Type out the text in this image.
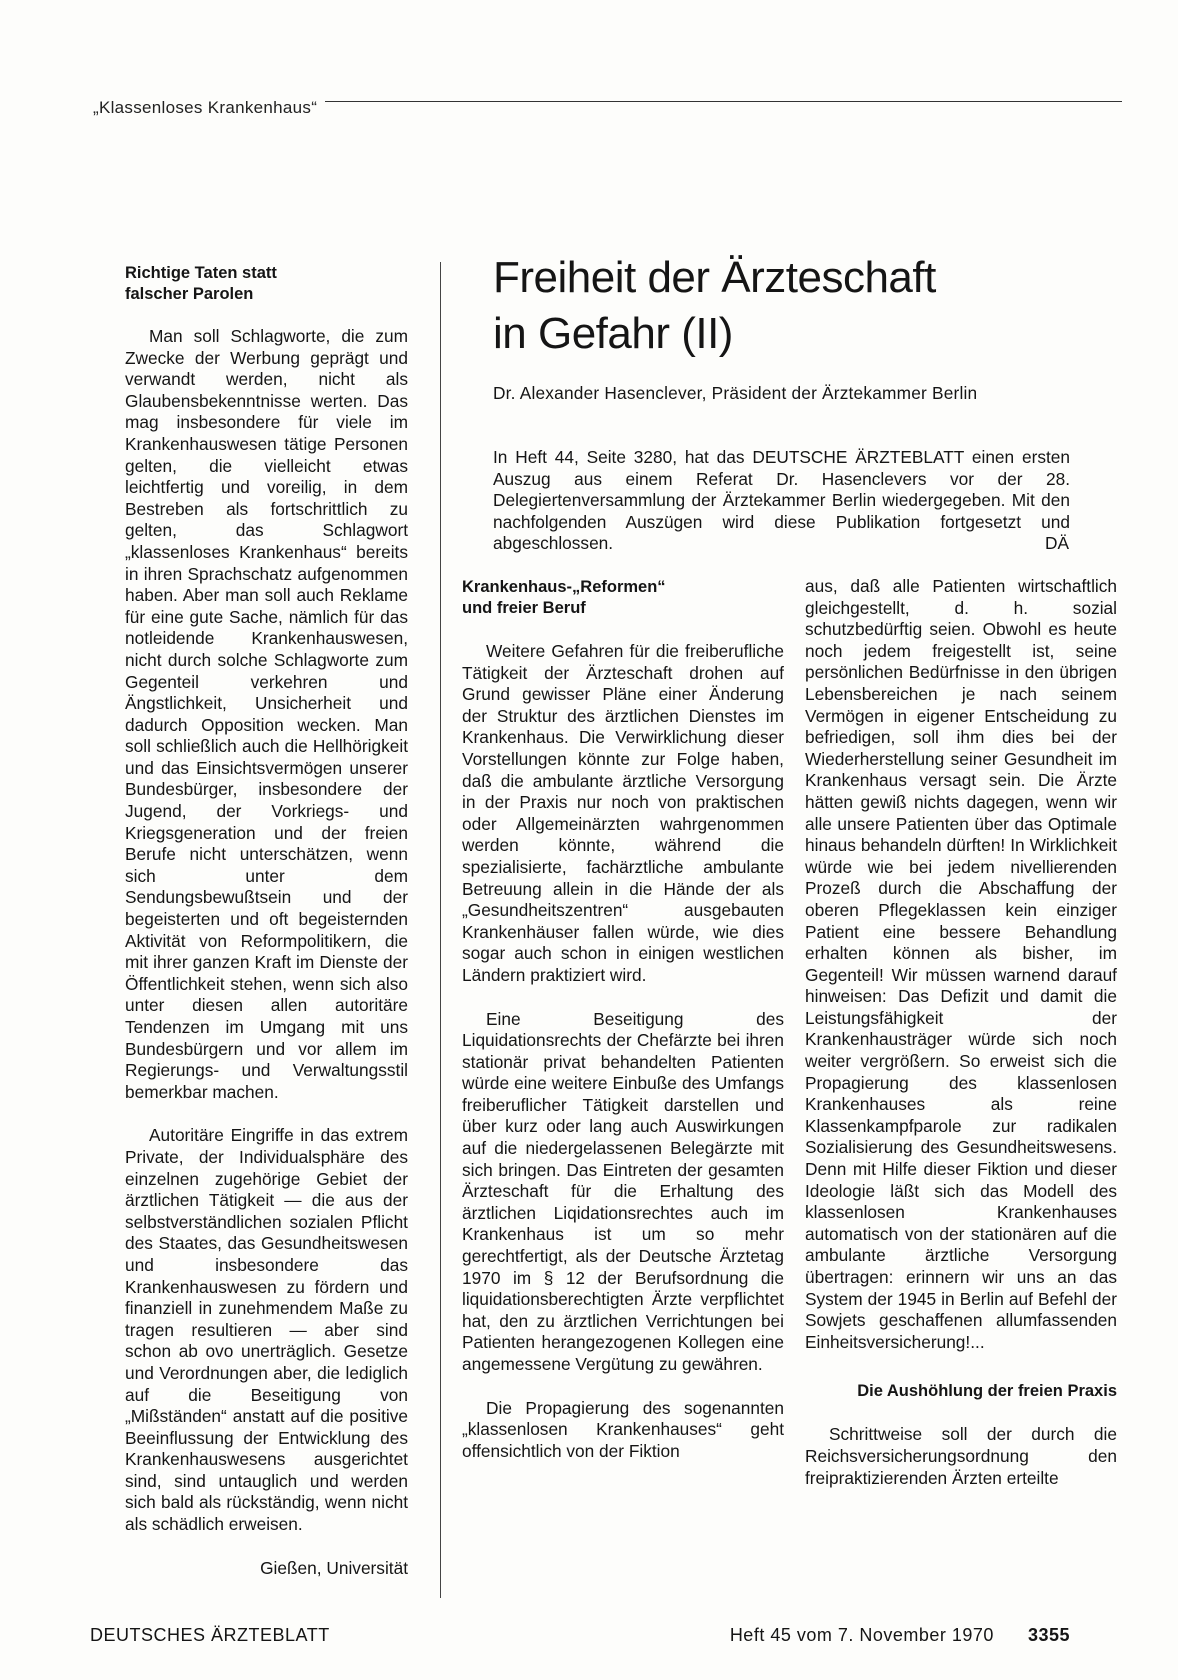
„Klassenloses Krankenhaus“
Richtige Taten statt
falscher Parolen

Man soll Schlagworte, die zum Zwecke der Werbung geprägt und verwandt werden, nicht als Glaubensbekenntnisse werten. Das mag insbesondere für viele im Krankenhauswesen tätige Personen gelten, die vielleicht etwas leichtfertig und voreilig, in dem Bestreben als fortschrittlich zu gelten, das Schlagwort „klassenloses Krankenhaus“ bereits in ihren Sprachschatz aufgenommen haben. Aber man soll auch Reklame für eine gute Sache, nämlich für das notleidende Krankenhauswesen, nicht durch solche Schlagworte zum Gegenteil verkehren und Ängstlichkeit, Unsicherheit und dadurch Opposition wecken. Man soll schließlich auch die Hellhörigkeit und das Einsichtsvermögen unserer Bundesbürger, insbesondere der Jugend, der Vorkriegs- und Kriegsgeneration und der freien Berufe nicht unterschätzen, wenn sich unter dem Sendungsbewußtsein und der begeisterten und oft begeisternden Aktivität von Reformpolitikern, die mit ihrer ganzen Kraft im Dienste der Öffentlichkeit stehen, wenn sich also unter diesen allen autoritäre Tendenzen im Umgang mit uns Bundesbürgern und vor allem im Regierungs- und Verwaltungsstil bemerkbar machen.

Autoritäre Eingriffe in das extrem Private, der Individualsphäre des einzelnen zugehörige Gebiet der ärztlichen Tätigkeit — die aus der selbstverständlichen sozialen Pflicht des Staates, das Gesundheitswesen und insbesondere das Krankenhauswesen zu fördern und finanziell in zunehmendem Maße zu tragen resultieren — aber sind schon ab ovo unerträglich. Gesetze und Verordnungen aber, die lediglich auf die Beseitigung von „Mißständen“ anstatt auf die positive Beeinflussung der Entwicklung des Krankenhauswesens ausgerichtet sind, sind untauglich und werden sich bald als rückständig, wenn nicht als schädlich erweisen.

Gießen, Universität

Freiheit der Ärzteschaft
in Gefahr (II)
Dr. Alexander Hasenclever, Präsident der Ärztekammer Berlin

In Heft 44, Seite 3280, hat das DEUTSCHE ÄRZTEBLATT einen ersten Auszug aus einem Referat Dr. Hasenclevers vor der 28. Delegiertenversammlung der Ärztekammer Berlin wiedergegeben. Mit den nachfolgenden Auszügen wird diese Publikation fortgesetzt und abgeschlossen.	DÄ
Krankenhaus-„Reformen“
und freier Beruf

Weitere Gefahren für die freiberufliche Tätigkeit der Ärzteschaft drohen auf Grund gewisser Pläne einer Änderung der Struktur des ärztlichen Dienstes im Krankenhaus. Die Verwirklichung dieser Vorstellungen könnte zur Folge haben, daß die ambulante ärztliche Versorgung in der Praxis nur noch von praktischen oder Allgemeinärzten wahrgenommen werden könnte, während die spezialisierte, fachärztliche ambulante Betreuung allein in die Hände der als „Gesundheitszentren“ ausgebauten Krankenhäuser fallen würde, wie dies sogar auch schon in einigen westlichen Ländern praktiziert wird.

Eine Beseitigung des Liquidationsrechts der Chefärzte bei ihren stationär privat behandelten Patienten würde eine weitere Einbuße des Umfangs freiberuflicher Tätigkeit darstellen und über kurz oder lang auch Auswirkungen auf die niedergelassenen Belegärzte mit sich bringen. Das Eintreten der gesamten Ärzteschaft für die Erhaltung des ärztlichen Liqidationsrechtes auch im Krankenhaus ist um so mehr gerechtfertigt, als der Deutsche Ärztetag 1970 im § 12 der Berufsordnung die liquidationsberechtigten Ärzte verpflichtet hat, den zu ärztlichen Verrichtungen bei Patienten herangezogenen Kollegen eine angemessene Vergütung zu gewähren.

Die Propagierung des sogenannten „klassenlosen Krankenhauses“ geht offensichtlich von der Fiktion

aus, daß alle Patienten wirtschaftlich gleichgestellt, d. h. sozial schutzbedürftig seien. Obwohl es heute noch jedem freigestellt ist, seine persönlichen Bedürfnisse in den übrigen Lebensbereichen je nach seinem Vermögen in eigener Entscheidung zu befriedigen, soll ihm dies bei der Wiederherstellung seiner Gesundheit im Krankenhaus versagt sein. Die Ärzte hätten gewiß nichts dagegen, wenn wir alle unsere Patienten über das Optimale hinaus behandeln dürften! In Wirklichkeit würde wie bei jedem nivellierenden Prozeß durch die Abschaffung der oberen Pflegeklassen kein einziger Patient eine bessere Behandlung erhalten können als bisher, im Gegenteil! Wir müssen warnend darauf hinweisen: Das Defizit und damit die Leistungsfähigkeit der Krankenhausträger würde sich noch weiter vergrößern. So erweist sich die Propagierung des klassenlosen Krankenhauses als reine Klassenkampfparole zur radikalen Sozialisierung des Gesundheitswesens. Denn mit Hilfe dieser Fiktion und dieser Ideologie läßt sich das Modell des klassenlosen Krankenhauses automatisch von der stationären auf die ambulante ärztliche Versorgung übertragen: erinnern wir uns an das System der 1945 in Berlin auf Befehl der Sowjets geschaffenen allumfassenden Einheitsversicherung!...

Die Aushöhlung der freien Praxis

Schrittweise soll der durch die Reichsversicherungsordnung den freipraktizierenden Ärzten erteilte

DEUTSCHES ÄRZTEBLATT	Heft 45 vom 7. November 1970 3355
